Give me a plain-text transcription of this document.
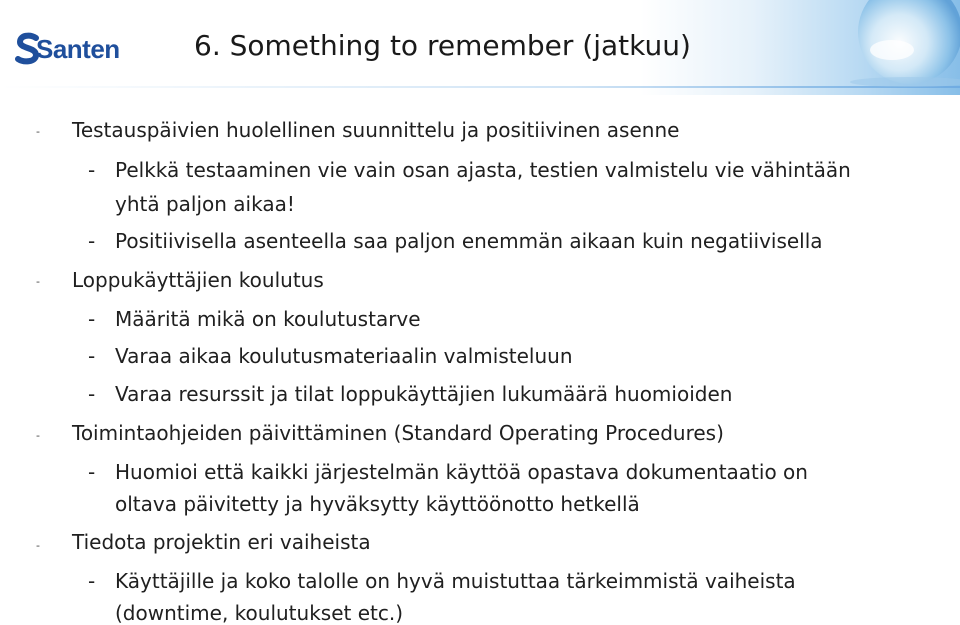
Santen	6. Something to remember (jatkuu)
- Testauspäivien huolellinen suunnittelu ja positiivinen asenne
- Pelkkä testaaminen vie vain osan ajasta, testien valmistelu vie vähintään
yhtä paljon aikaa!
- Positiivisella asenteella saa paljon enemmän aikaan kuin negatiivisella
- Loppukäyttäjien koulutus
- Määritä mikä on koulutustarve
- Varaa aikaa koulutusmateriaalin valmisteluun
- Varaa resurssit ja tilat loppukäyttäjien lukumäärä huomioiden
- Toimintaohjeiden päivittäminen (Standard Operating Procedures)
- Huomioi että kaikki järjestelmän käyttöä opastava dokumentaatio on
oltava päivitetty ja hyväksytty käyttöönotto hetkellä
- Tiedota projektin eri vaiheista
- Käyttäjille ja koko talolle on hyvä muistuttaa tärkeimmistä vaiheista
(downtime, koulutukset etc.)
